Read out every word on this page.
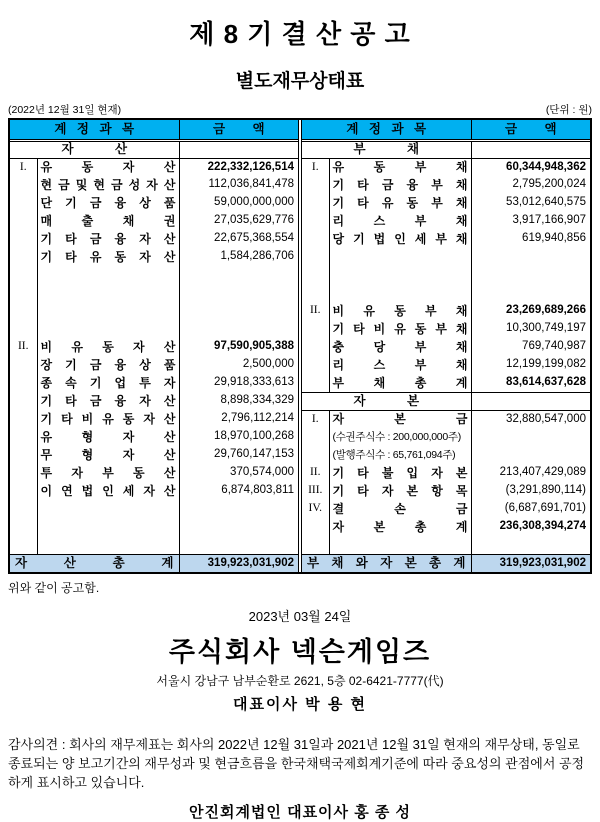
제 8 기 결 산 공 고
별도재무상태표
(2022년 12월 31일 현재)	(단위 : 원)
계 정 과 목		금 액
자 산		
I.	유 동 자 산	222,332,126,514
	현 금 및 현 금 성 자 산	112,036,841,478
	단 기 금 융 상 품	59,000,000,000
	매 출 채 권	27,035,629,776
	기 타 금 융 자 산	22,675,368,554
	기 타 유 동 자 산	1,584,286,706

II.	비 유 동 자 산	97,590,905,388
	장 기 금 융 상 품	2,500,000
	종 속 기 업 투 자	29,918,333,613
	기 타 금 융 자 산	8,898,334,329
	기 타 비 유 동 자 산	2,796,112,214
	유 형 자 산	18,970,100,268
	무 형 자 산	29,760,147,153
	투 자 부 동 산	370,574,000
	이 연 법 인 세 자 산	6,874,803,811

자 산 총 계		319,923,031,902
계 정 과 목		금 액
부 채		
I.	유 동 부 채	60,344,948,362
	기 타 금 융 부 채	2,795,200,024
	기 타 유 동 부 채	53,012,640,575
	리 스 부 채	3,917,166,907
	당 기 법 인 세 부 채	619,940,856

II.	비 유 동 부 채	23,269,689,266
	기 타 비 유 동 부 채	10,300,749,197
	충 당 부 채	769,740,987
	리 스 부 채	12,199,199,082
	부 채 총 계	83,614,637,628
자 본		
I.	자 본 금	32,880,547,000
	(수권주식수 : 200,000,000주)	
	(발행주식수 : 65,761,094주)	
II.	기 타 불 입 자 본	213,407,429,089
III.	기 타 자 본 항 목	(3,291,890,114)
IV.	결 손 금	(6,687,691,701)
	자 본 총 계	236,308,394,274

부 채 와 자 본 총 계		319,923,031,902
위와 같이 공고함.
2023년 03월 24일
주식회사 넥슨게임즈
서울시 강남구 남부순환로 2621, 5층 02-6421-7777(代)
대표이사 박 용 현
감사의견 : 회사의 재무제표는 회사의 2022년 12월 31일과 2021년 12월 31일 현재의 재무상태, 동일로 종료되는 양 보고기간의 재무성과 및 현금흐름을 한국채택국제회계기준에 따라 중요성의 관점에서 공정하게 표시하고 있습니다.
안진회계법인 대표이사 홍 종 성
